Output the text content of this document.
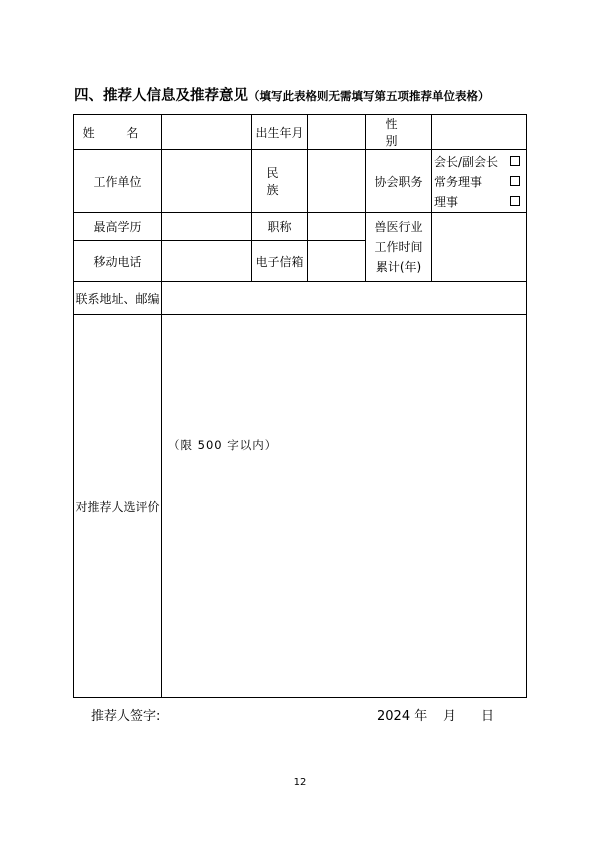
四、推荐人信息及推荐意见（填写此表格则无需填写第五项推荐单位表格）
姓 名		出生年月		性 别	
工作单位		民 族		协会职务	会长/副会长
常务理事
理事

最高学历		职称		兽医行业
工作时间
累计(年)	

移动电话		电子信箱			
联系地址、邮编					
对推荐人选评价					
（限 500 字以内）
推荐人签字:	2024 年 月 日
12
